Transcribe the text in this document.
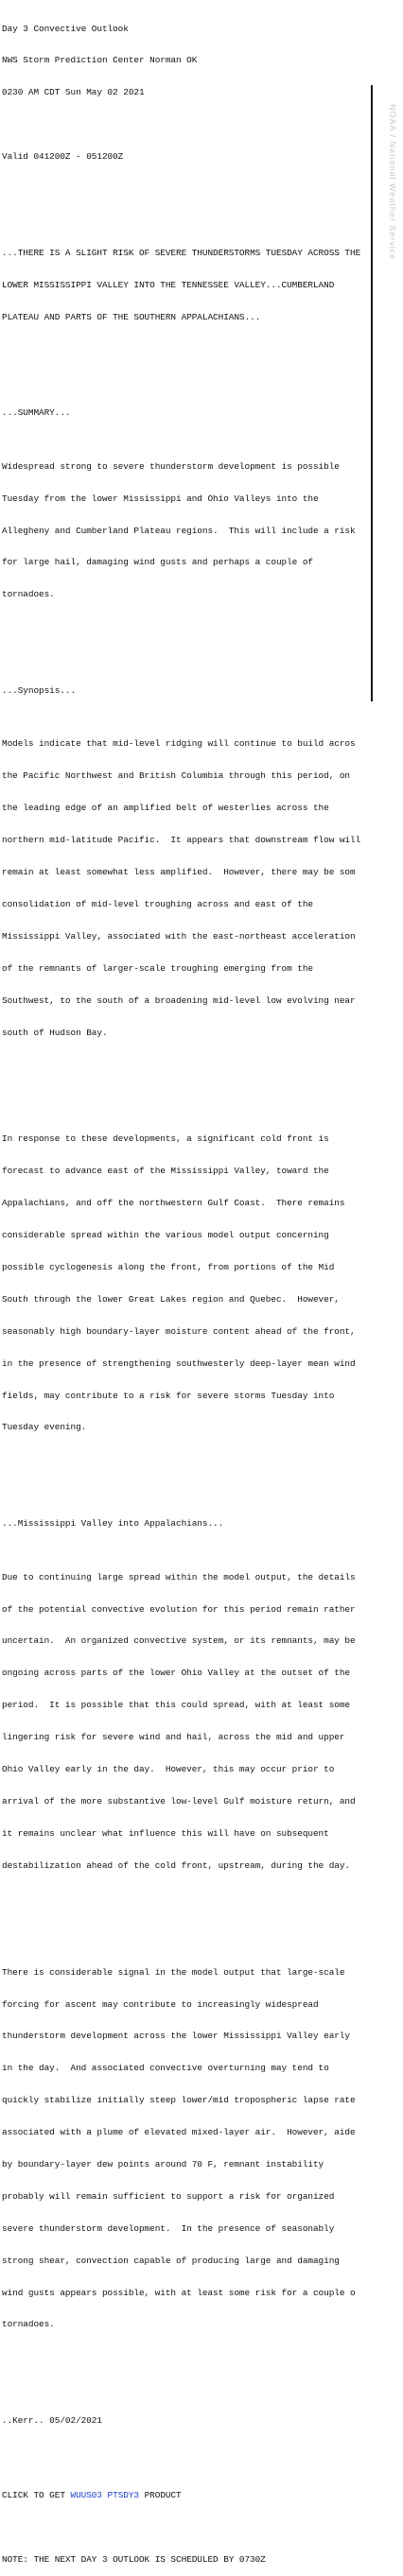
NOAA / National Weather Service

Day 3 Convective Outlook

NWS Storm Prediction Center Norman OK

0230 AM CDT Sun May 02 2021

Valid 041200Z - 051200Z

...THERE IS A SLIGHT RISK OF SEVERE THUNDERSTORMS TUESDAY ACROSS THE

LOWER MISSISSIPPI VALLEY INTO THE TENNESSEE VALLEY...CUMBERLAND

PLATEAU AND PARTS OF THE SOUTHERN APPALACHIANS...

...SUMMARY...

Widespread strong to severe thunderstorm development is possible

Tuesday from the lower Mississippi and Ohio Valleys into the

Allegheny and Cumberland Plateau regions.  This will include a risk

for large hail, damaging wind gusts and perhaps a couple of

tornadoes.

...Synopsis...

Models indicate that mid-level ridging will continue to build acros

the Pacific Northwest and British Columbia through this period, on

the leading edge of an amplified belt of westerlies across the

northern mid-latitude Pacific.  It appears that downstream flow will

remain at least somewhat less amplified.  However, there may be som

consolidation of mid-level troughing across and east of the

Mississippi Valley, associated with the east-northeast acceleration

of the remnants of larger-scale troughing emerging from the

Southwest, to the south of a broadening mid-level low evolving near

south of Hudson Bay.

In response to these developments, a significant cold front is

forecast to advance east of the Mississippi Valley, toward the

Appalachians, and off the northwestern Gulf Coast.  There remains

considerable spread within the various model output concerning

possible cyclogenesis along the front, from portions of the Mid

South through the lower Great Lakes region and Quebec.  However,

seasonably high boundary-layer moisture content ahead of the front,

in the presence of strengthening southwesterly deep-layer mean wind

fields, may contribute to a risk for severe storms Tuesday into

Tuesday evening.

...Mississippi Valley into Appalachians...

Due to continuing large spread within the model output, the details

of the potential convective evolution for this period remain rather

uncertain.  An organized convective system, or its remnants, may be

ongoing across parts of the lower Ohio Valley at the outset of the

period.  It is possible that this could spread, with at least some

lingering risk for severe wind and hail, across the mid and upper

Ohio Valley early in the day.  However, this may occur prior to

arrival of the more substantive low-level Gulf moisture return, and

it remains unclear what influence this will have on subsequent

destabilization ahead of the cold front, upstream, during the day.

There is considerable signal in the model output that large-scale

forcing for ascent may contribute to increasingly widespread

thunderstorm development across the lower Mississippi Valley early

in the day.  And associated convective overturning may tend to

quickly stabilize initially steep lower/mid tropospheric lapse rate

associated with a plume of elevated mixed-layer air.  However, aide

by boundary-layer dew points around 70 F, remnant instability

probably will remain sufficient to support a risk for organized

severe thunderstorm development.  In the presence of seasonably

strong shear, convection capable of producing large and damaging

wind gusts appears possible, with at least some risk for a couple o

tornadoes.

..Kerr.. 05/02/2021

CLICK TO GET WUUS03 PTSDY3 PRODUCT

NOTE: THE NEXT DAY 3 OUTLOOK IS SCHEDULED BY 0730Z
